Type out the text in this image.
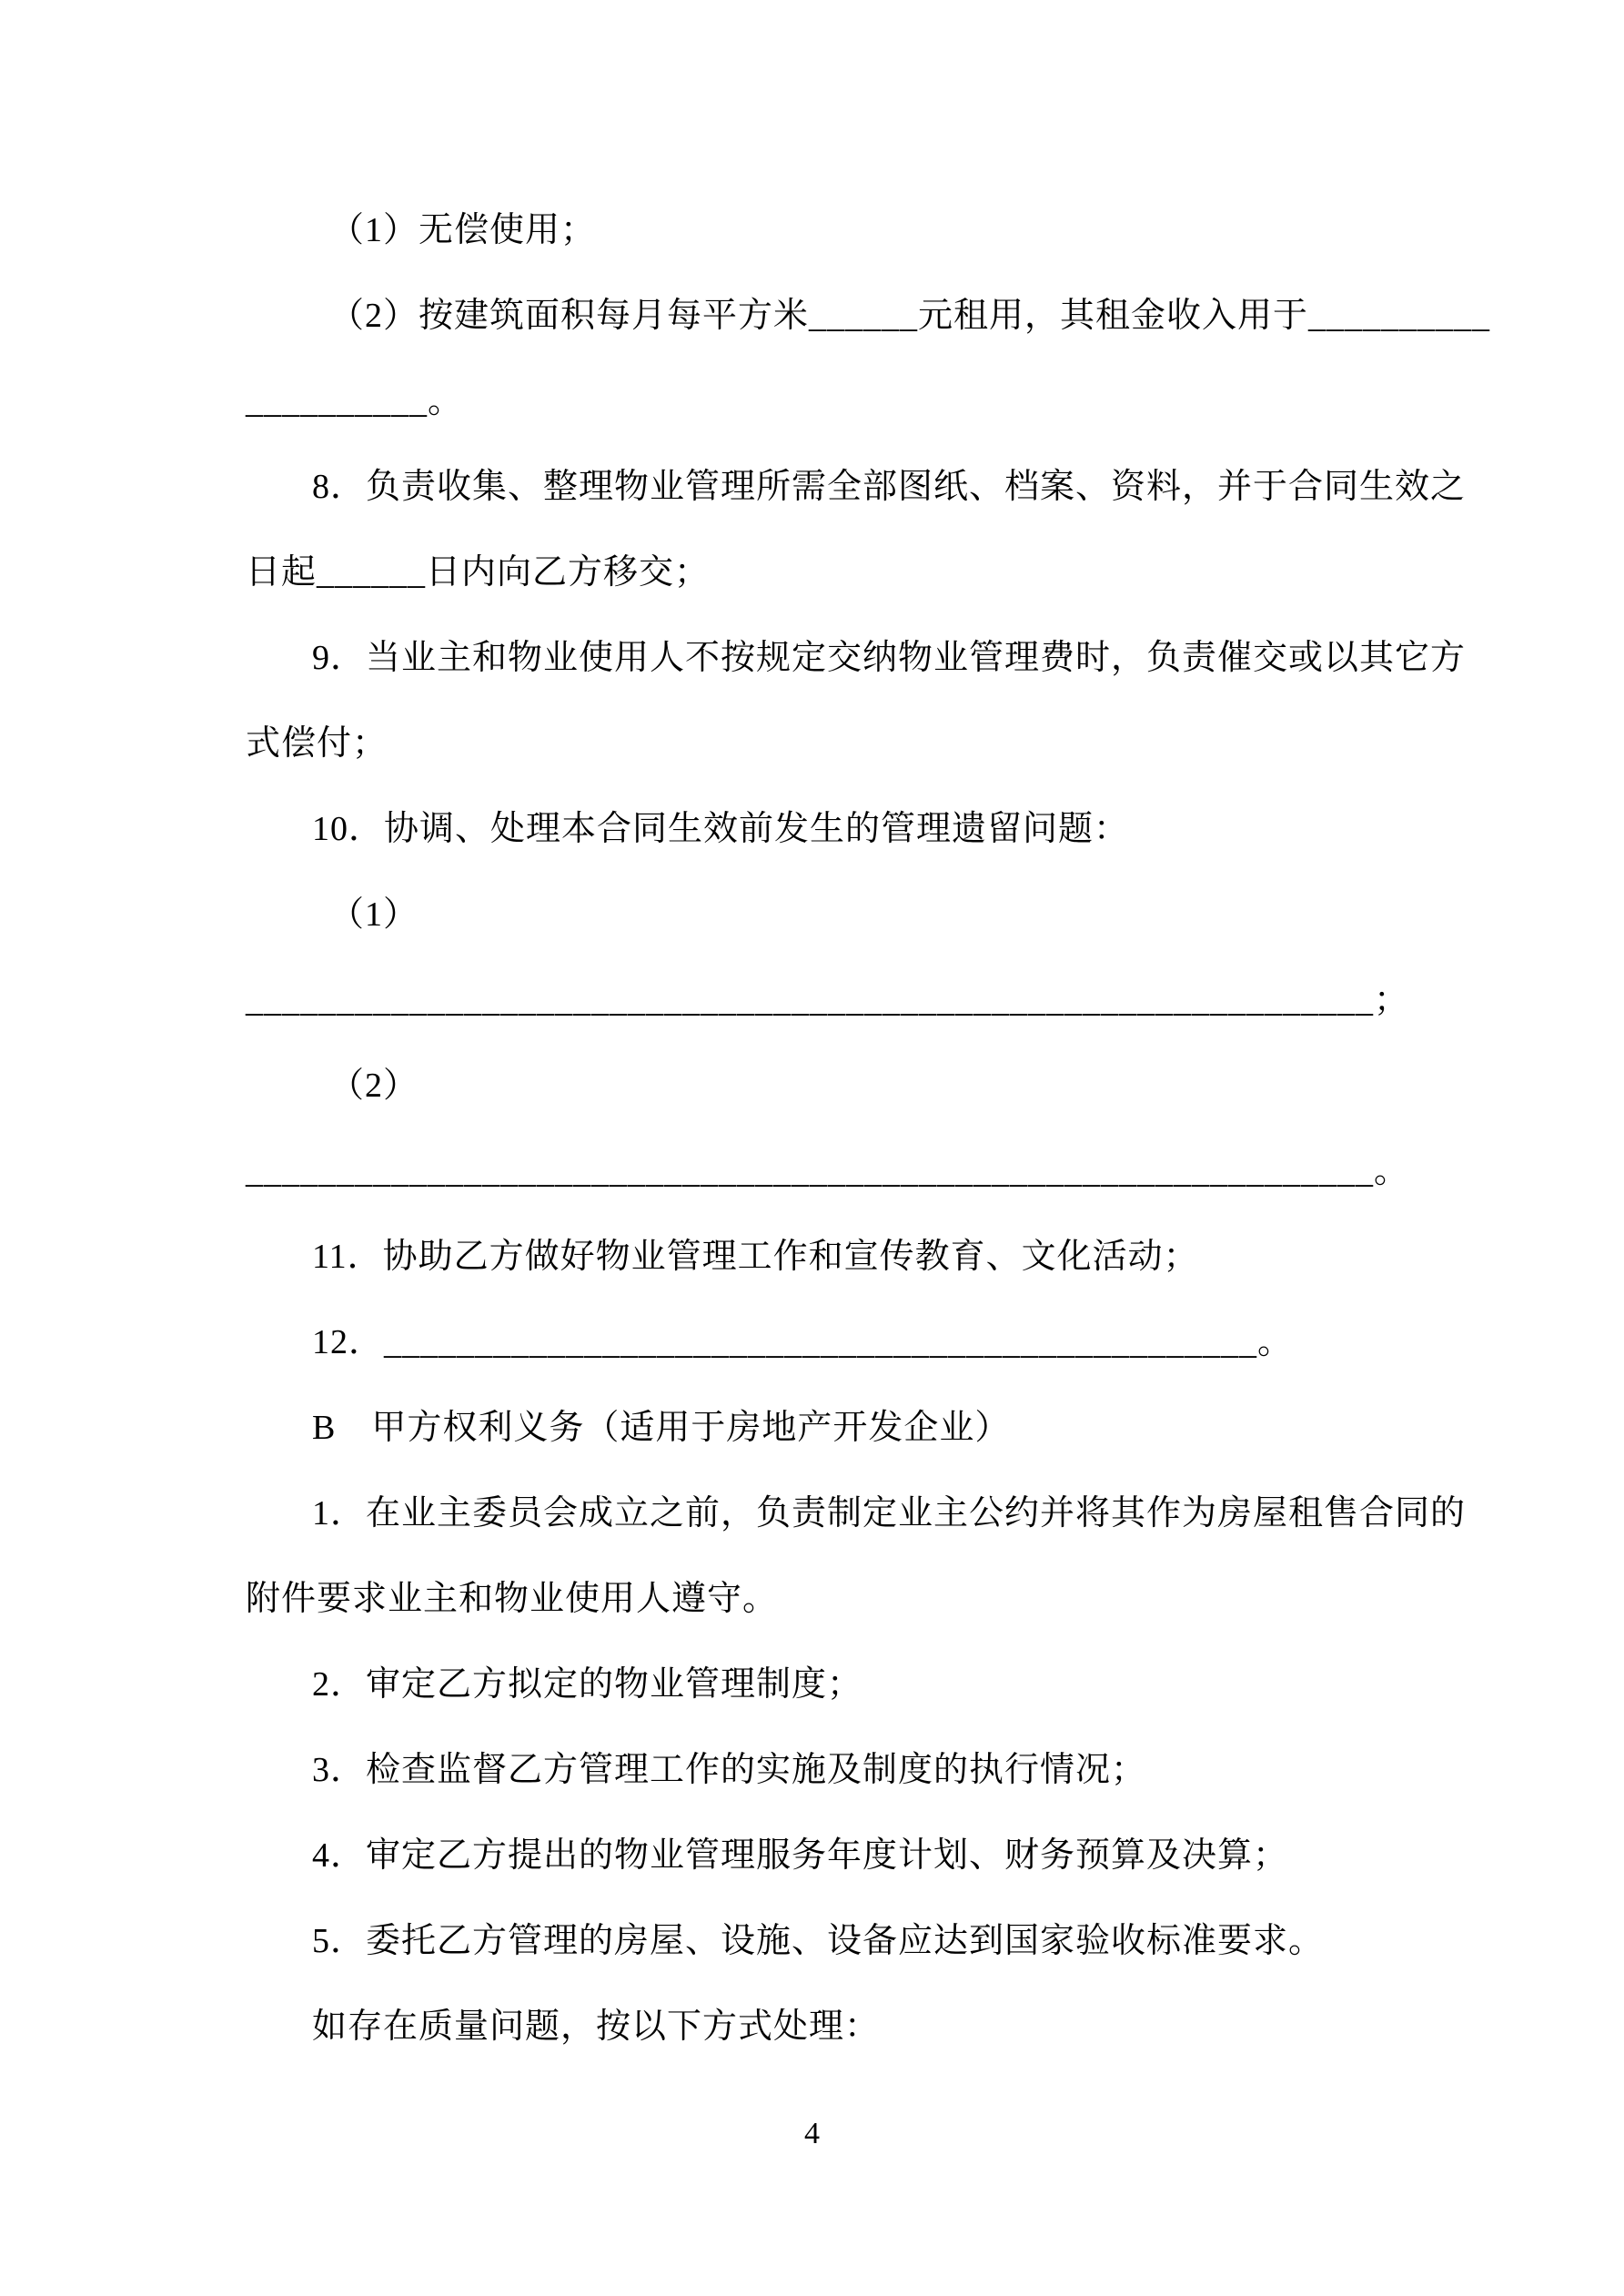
（1）无偿使用；
（2）按建筑面积每月每平方米______元租用，其租金收入用于__________
__________。
8．负责收集、整理物业管理所需全部图纸、档案、资料，并于合同生效之
日起______日内向乙方移交；
9．当业主和物业使用人不按规定交纳物业管理费时，负责催交或以其它方
式偿付；
10．协调、处理本合同生效前发生的管理遗留问题：
（1）
______________________________________________________________；
（2）
______________________________________________________________。
11．协助乙方做好物业管理工作和宣传教育、文化活动；
12．________________________________________________。
B　甲方权利义务（适用于房地产开发企业）
1．在业主委员会成立之前，负责制定业主公约并将其作为房屋租售合同的
附件要求业主和物业使用人遵守。
2．审定乙方拟定的物业管理制度；
3．检查监督乙方管理工作的实施及制度的执行情况；
4．审定乙方提出的物业管理服务年度计划、财务预算及决算；
5．委托乙方管理的房屋、设施、设备应达到国家验收标准要求。
如存在质量问题，按以下方式处理：
4
